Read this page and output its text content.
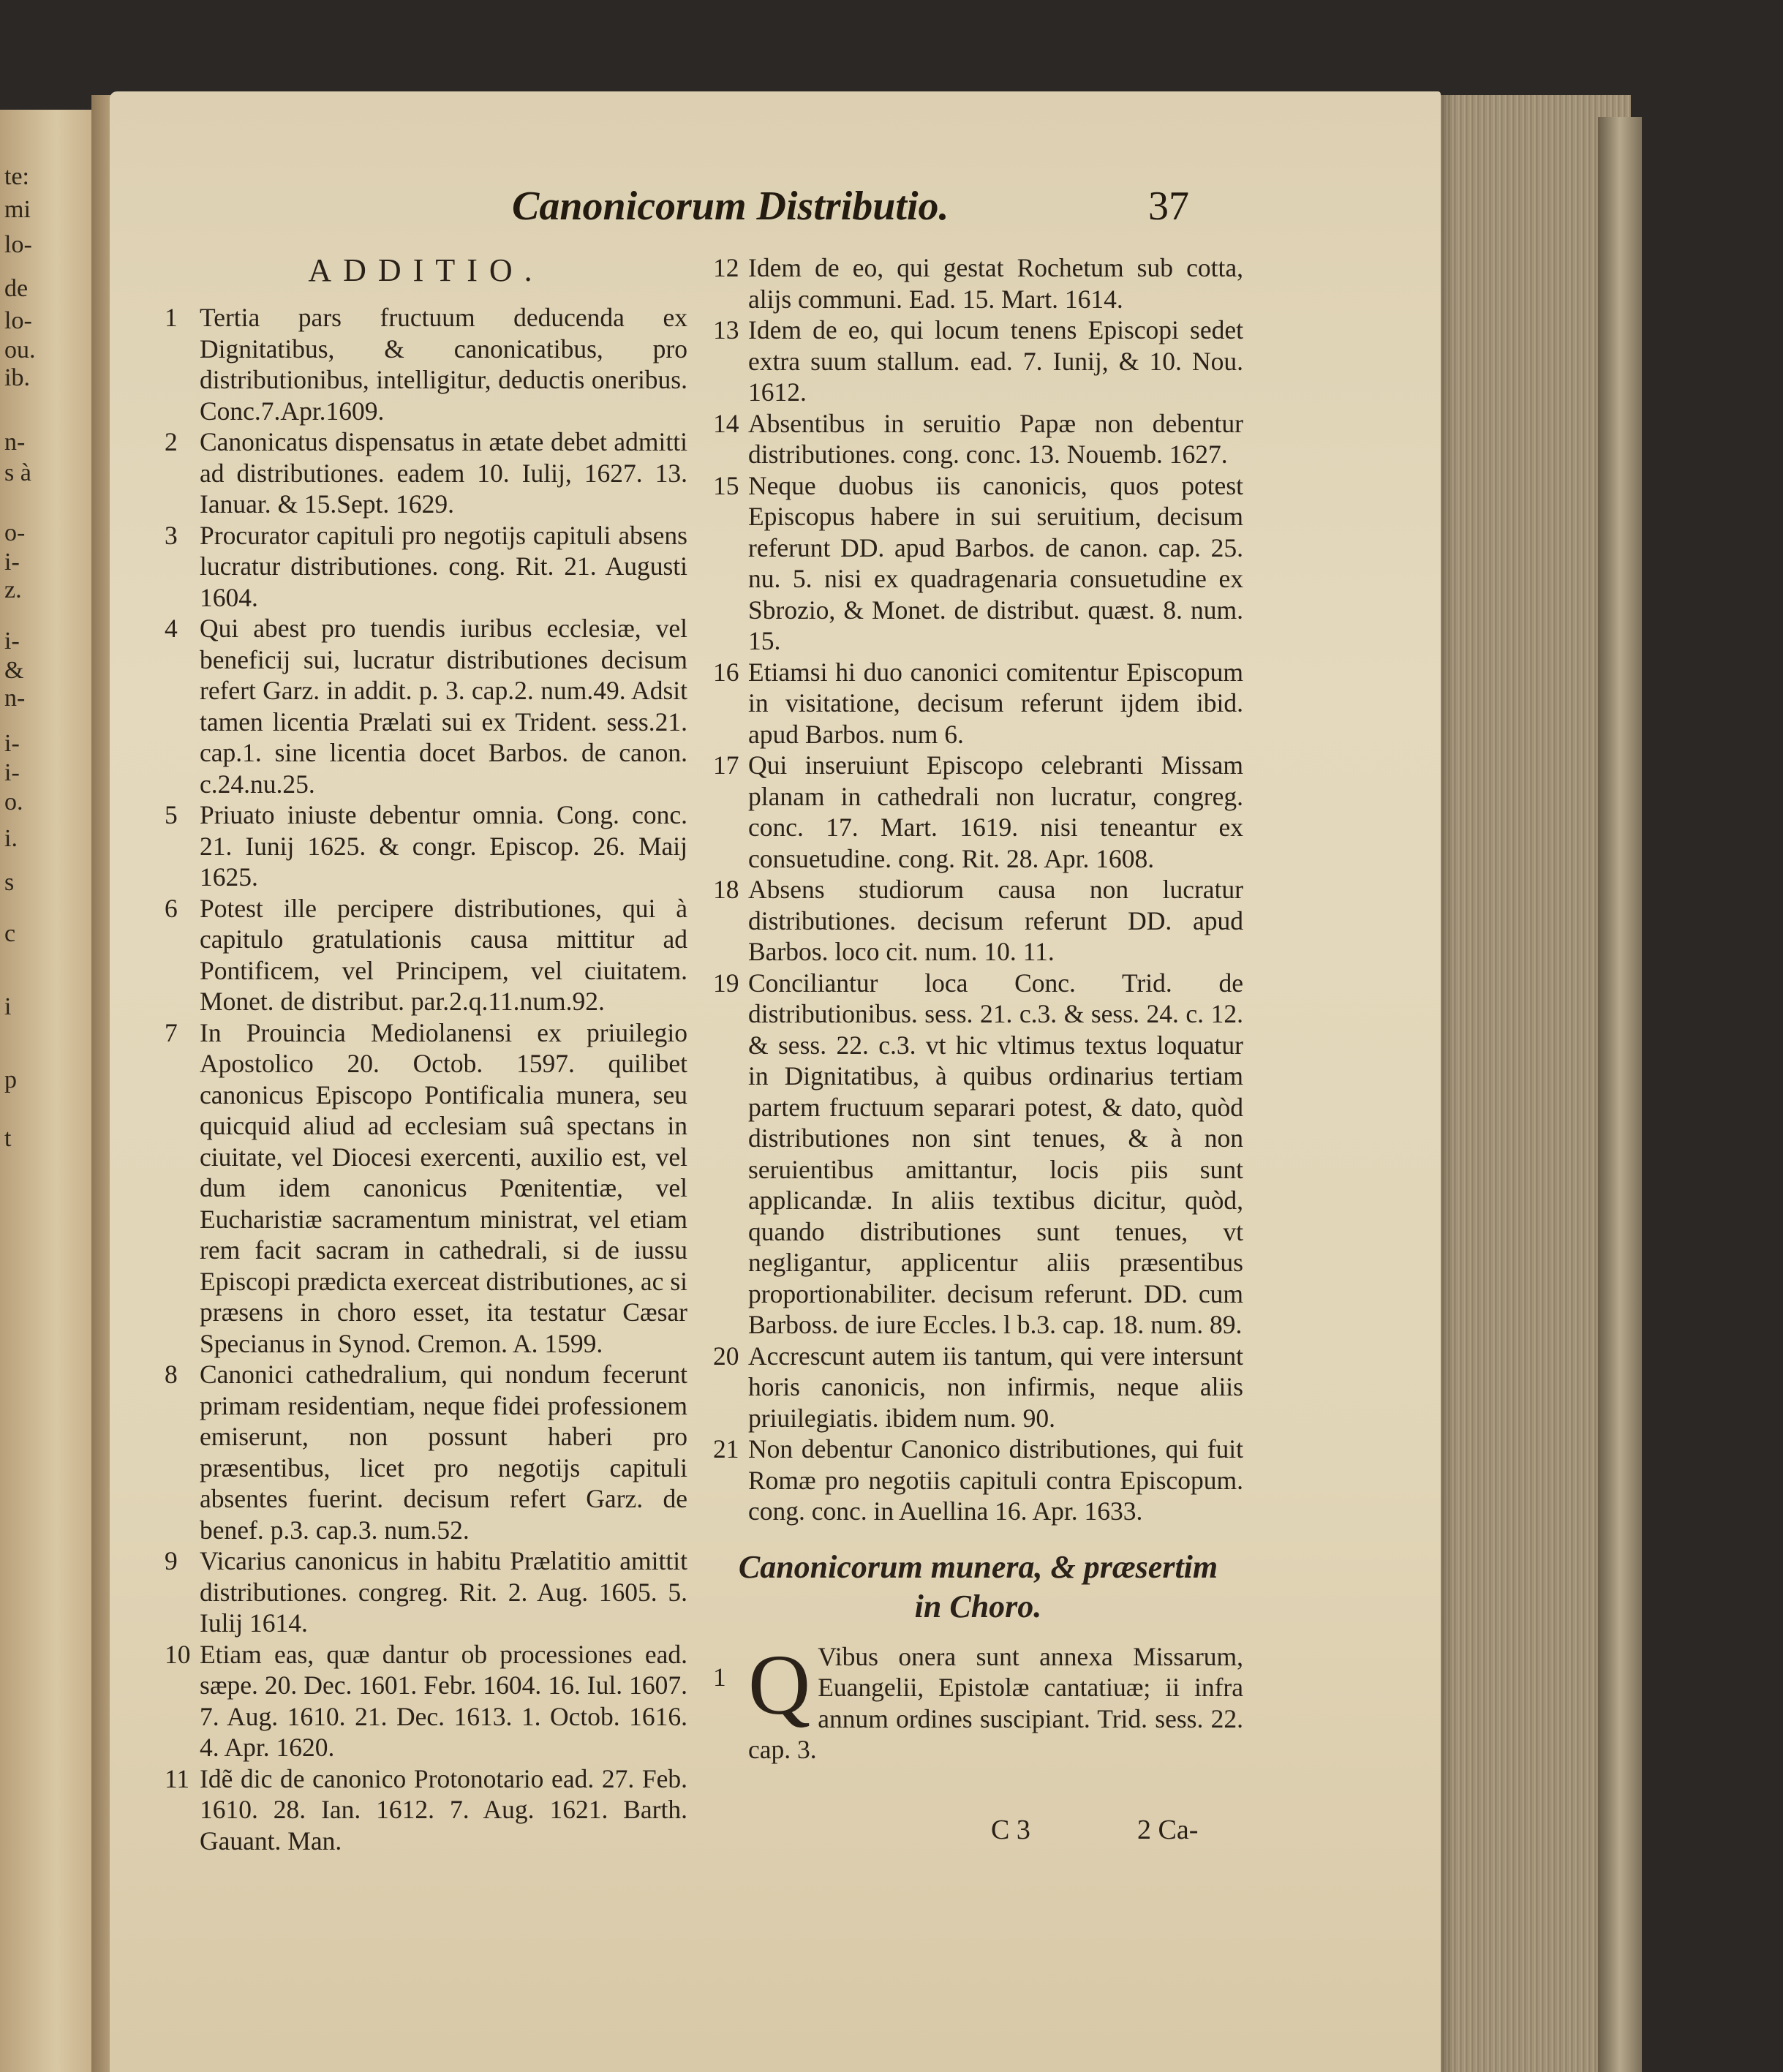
te:
mi
lo-
de
lo-
ou.
ib.
n-
s à
o-
i-
z.
i-
&
n-
i-
i-
o.
i.
s
c
i
p
t
Canonicorum Distributio.	37
ADDITIO.

1 Tertia pars fructuum deducenda ex Dignitatibus, & canonicatibus, pro distributionibus, intelligitur, deductis oneribus. Conc.7.Apr.1609.

2 Canonicatus dispensatus in ætate debet admitti ad distributiones. eadem 10. Iulij, 1627. 13. Ianuar. & 15.Sept. 1629.

3 Procurator capituli pro negotijs capituli absens lucratur distributiones. cong. Rit. 21. Augusti 1604.

4 Qui abest pro tuendis iuribus ecclesiæ, vel beneficij sui, lucratur distributiones decisum refert Garz. in addit. p. 3. cap.2. num.49. Adsit tamen licentia Prælati sui ex Trident. sess.21. cap.1. sine licentia docet Barbos. de canon. c.24.nu.25.

5 Priuato iniuste debentur omnia. Cong. conc. 21. Iunij 1625. & congr. Episcop. 26. Maij 1625.

6 Potest ille percipere distributiones, qui à capitulo gratulationis causa mittitur ad Pontificem, vel Principem, vel ciuitatem. Monet. de distribut. par.2.q.11.num.92.

7 In Prouincia Mediolanensi ex priuilegio Apostolico 20. Octob. 1597. quilibet canonicus Episcopo Pontificalia munera, seu quicquid aliud ad ecclesiam suâ spectans in ciuitate, vel Diocesi exercenti, auxilio est, vel dum idem canonicus Pœnitentiæ, vel Eucharistiæ sacramentum ministrat, vel etiam rem facit sacram in cathedrali, si de iussu Episcopi prædicta exerceat distributiones, ac si præsens in choro esset, ita testatur Cæsar Specianus in Synod. Cremon. A. 1599.

8 Canonici cathedralium, qui nondum fecerunt primam residentiam, neque fidei professionem emiserunt, non possunt haberi pro præsentibus, licet pro negotijs capituli absentes fuerint. decisum refert Garz. de benef. p.3. cap.3. num.52.

9 Vicarius canonicus in habitu Prælatitio amittit distributiones. congreg. Rit. 2. Aug. 1605. 5. Iulij 1614.

10 Etiam eas, quæ dantur ob processiones ead. sæpe. 20. Dec. 1601. Febr. 1604. 16. Iul. 1607. 7. Aug. 1610. 21. Dec. 1613. 1. Octob. 1616. 4. Apr. 1620.

11 Idẽ dic de canonico Protonotario ead. 27. Feb. 1610. 28. Ian. 1612. 7. Aug. 1621. Barth. Gauant. Man.

12 Idem de eo, qui gestat Rochetum sub cotta, alijs communi. Ead. 15. Mart. 1614.

13 Idem de eo, qui locum tenens Episcopi sedet extra suum stallum. ead. 7. Iunij, & 10. Nou. 1612.

14 Absentibus in seruitio Papæ non debentur distributiones. cong. conc. 13. Nouemb. 1627.

15 Neque duobus iis canonicis, quos potest Episcopus habere in sui seruitium, decisum referunt DD. apud Barbos. de canon. cap. 25. nu. 5. nisi ex quadragenaria consuetudine ex Sbrozio, & Monet. de distribut. quæst. 8. num. 15.

16 Etiamsi hi duo canonici comitentur Episcopum in visitatione, decisum referunt ijdem ibid. apud Barbos. num 6.

17 Qui inseruiunt Episcopo celebranti Missam planam in cathedrali non lucratur, congreg. conc. 17. Mart. 1619. nisi teneantur ex consuetudine. cong. Rit. 28. Apr. 1608.

18 Absens studiorum causa non lucratur distributiones. decisum referunt DD. apud Barbos. loco cit. num. 10. 11.

19 Conciliantur loca Conc. Trid. de distributionibus. sess. 21. c.3. & sess. 24. c. 12. & sess. 22. c.3. vt hic vltimus textus loquatur in Dignitatibus, à quibus ordinarius tertiam partem fructuum separari potest, & dato, quòd distributiones non sint tenues, & à non seruientibus amittantur, locis piis sunt applicandæ. In aliis textibus dicitur, quòd, quando distributiones sunt tenues, vt negligantur, applicentur aliis præsentibus proportionabiliter. decisum referunt. DD. cum Barboss. de iure Eccles. l b.3. cap. 18. num. 89.

20 Accrescunt autem iis tantum, qui vere intersunt horis canonicis, non infirmis, neque aliis priuilegiatis. ibidem num. 90.

21 Non debentur Canonico distributiones, qui fuit Romæ pro negotiis capituli contra Episcopum. cong. conc. in Auellina 16. Apr. 1633.

Canonicorum munera, & præsertim
in Choro.
1 Q Vibus onera sunt annexa Missarum, Euangelii, Epistolæ cantatiuæ; ii infra annum ordines suscipiant. Trid. sess. 22. cap. 3.
C 3	2 Ca-
